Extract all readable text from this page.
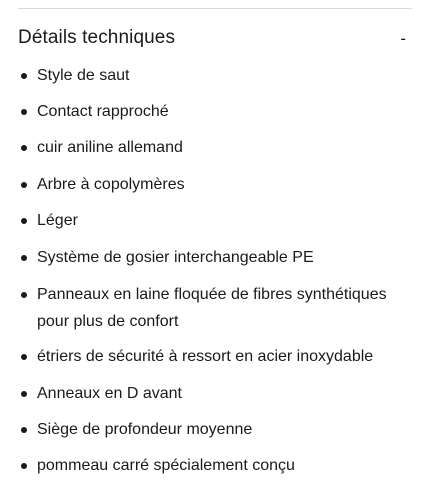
Détails techniques	-
Style de saut
Contact rapproché
cuir aniline allemand
Arbre à copolymères
Léger
Système de gosier interchangeable PE
Panneaux en laine floquée de fibres synthétiques pour plus de confort
étriers de sécurité à ressort en acier inoxydable
Anneaux en D avant
Siège de profondeur moyenne
pommeau carré spécialement conçu
